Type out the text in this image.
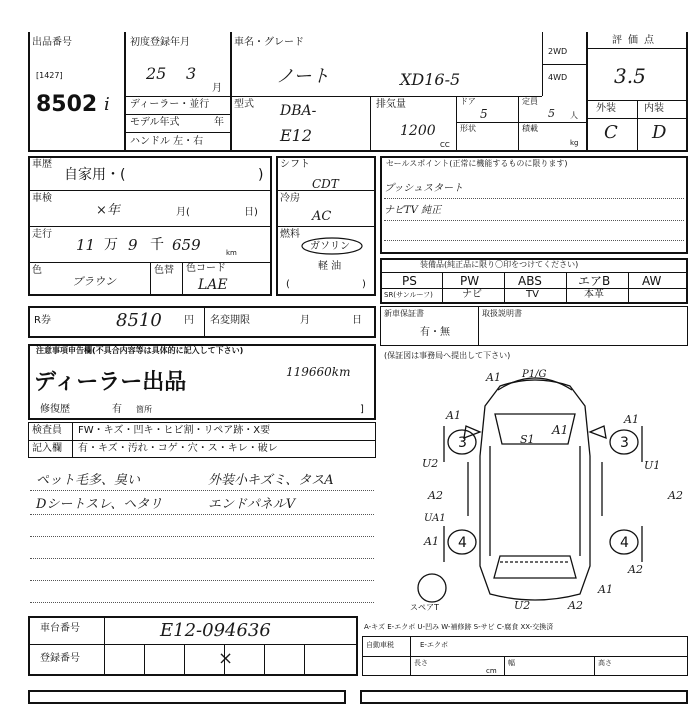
出品番号
[1427]
8502 i
初度登録年月
25 3
月
ディーラー・並行
モデル年式	年
ハンドル 左・右
車名・グレード
ノート	XD16-5
型式 DBA-
E12
排気量
1200
CC
ドア
5
定員
5 人
形状	積載
kg
2WD
4WD
評価点
3.5
外装	内装
C D
車歴
自家用・(	)
車検
×年	月(	日)
走行
11 万 9 千 659	km
色
ブラウン
色替 色コード
LAE
シフト
CDT
冷房
AC
燃料
ガソリン
軽 油
(	)
セールスポイント(正常に機能するものに限ります)
プッシュスタート
ナビTV 純正
装備品(純正品に限り〇印をつけてください)
PS	PW	ABS	エアB	AW
SR(サンルーフ)	ナビ	TV	本革
R券	8510 円 名変期限	月	日
新車保証書
有・無
取扱説明書
注意事項申告欄(不具合内容等は具体的に記入して下さい)
119660km
ディーラー出品
修復歴	有 箇所	]
検査員 FW・キズ・凹キ・ヒビ割・リペア跡・X要
記入欄 有・キズ・汚れ・コゲ・穴・ス・キレ・破レ
ペット毛多、臭い	外装小キズミ、タスA
Dシートスレ、ヘタリ	エンドパネルV
(保証図は事務局へ提出して下さい)
A1 P1/G
A1	A1
A1
S1
U2	U1
A2	A2
UA1
A1
A2
A1
U2	A2
3	3
4	4
スペアT
A-キズ E-エクボ U-凹み W-補修跡 S-サビ C-腐食 XX-交換済
車台番号	E12-094636
登録番号	×
自動車税	E-エクボ
長さ	幅	高さ
cm
